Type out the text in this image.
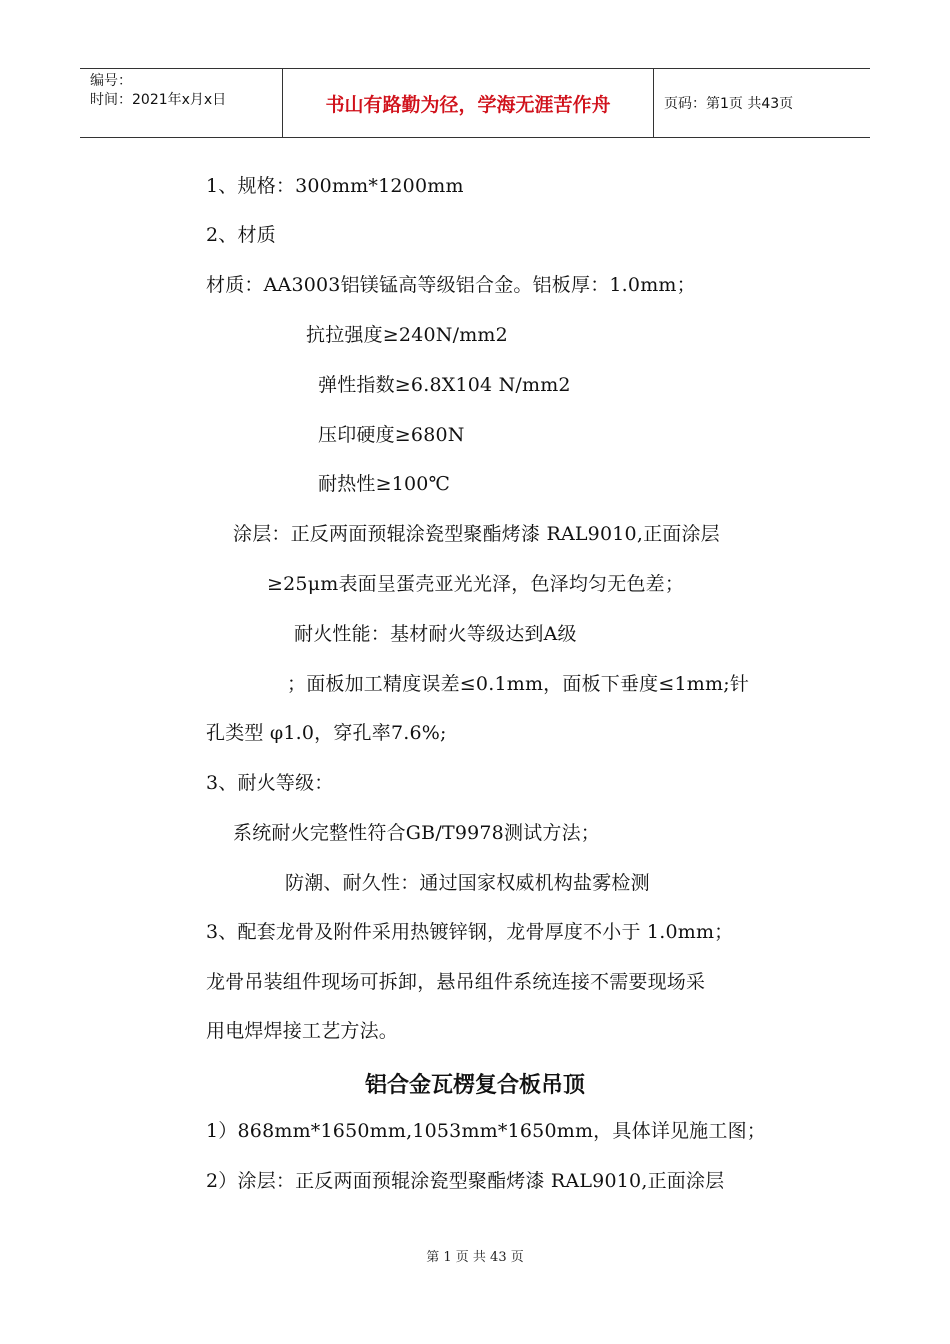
编号：
时间：2021年x月x日	书山有路勤为径，学海无涯苦作舟	页码：第1页 共43页
1、规格：300mm*1200mm
2、材质
材质：AA3003铝镁锰高等级铝合金。铝板厚：1.0mm；
抗拉强度≥240N/mm2
弹性指数≥6.8X104 N/mm2
压印硬度≥680N
耐热性≥100℃
涂层：正反两面预辊涂瓷型聚酯烤漆 RAL9010,正面涂层
≥25μm表面呈蛋壳亚光光泽，色泽均匀无色差；
耐火性能：基材耐火等级达到A级
；面板加工精度误差≤0.1mm，面板下垂度≤1mm;针
孔类型 φ1.0，穿孔率7.6%;
3、耐火等级：
系统耐火完整性符合GB/T9978测试方法；
防潮、耐久性：通过国家权威机构盐雾检测
3、配套龙骨及附件采用热镀锌钢，龙骨厚度不小于 1.0mm；
龙骨吊装组件现场可拆卸，悬吊组件系统连接不需要现场采
用电焊焊接工艺方法。
铝合金瓦楞复合板吊顶
1）868mm*1650mm,1053mm*1650mm，具体详见施工图；
2）涂层：正反两面预辊涂瓷型聚酯烤漆 RAL9010,正面涂层
第 1 页 共 43 页
